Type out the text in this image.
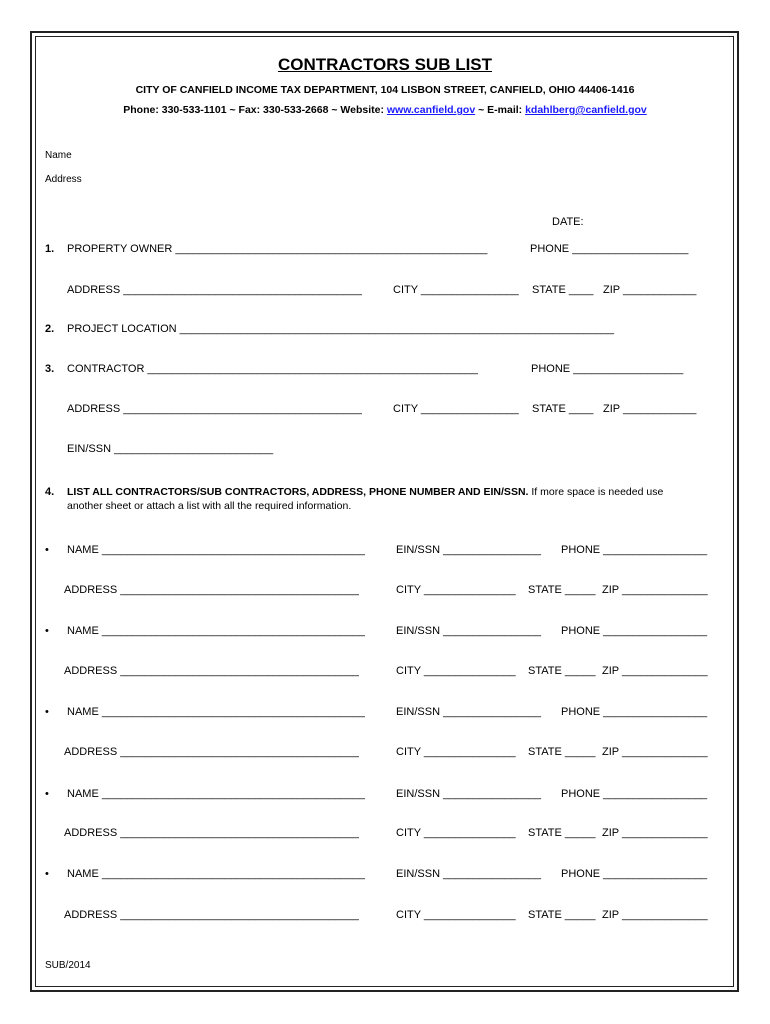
CONTRACTORS SUB LIST
CITY OF CANFIELD INCOME TAX DEPARTMENT, 104 LISBON STREET, CANFIELD, OHIO 44406-1416
Phone: 330-533-1101 ~ Fax: 330-533-2668 ~ Website: www.canfield.gov ~ E-mail: kdahlberg@canfield.gov
Name
Address
DATE:
1. PROPERTY OWNER ___________________________________________________	PHONE ___________________
ADDRESS _______________________________________	CITY ________________ STATE ____ ZIP ____________
2. PROJECT LOCATION _______________________________________________________________________
3. CONTRACTOR ______________________________________________________	PHONE __________________
ADDRESS _______________________________________	CITY ________________ STATE ____ ZIP ____________
EIN/SSN __________________________
4. LIST ALL CONTRACTORS/SUB CONTRACTORS, ADDRESS, PHONE NUMBER AND EIN/SSN. If more space is needed use
another sheet or attach a list with all the required information.
• NAME ___________________________________________	EIN/SSN ________________ PHONE _________________
ADDRESS _______________________________________	CITY _______________ STATE _____ ZIP ______________
• NAME ___________________________________________	EIN/SSN ________________ PHONE _________________
ADDRESS _______________________________________	CITY _______________ STATE _____ ZIP ______________
• NAME ___________________________________________	EIN/SSN ________________ PHONE _________________
ADDRESS _______________________________________	CITY _______________ STATE _____ ZIP ______________
• NAME ___________________________________________	EIN/SSN ________________ PHONE _________________
ADDRESS _______________________________________	CITY _______________ STATE _____ ZIP ______________
• NAME ___________________________________________	EIN/SSN ________________ PHONE _________________
ADDRESS _______________________________________	CITY _______________ STATE _____ ZIP ______________
SUB/2014
